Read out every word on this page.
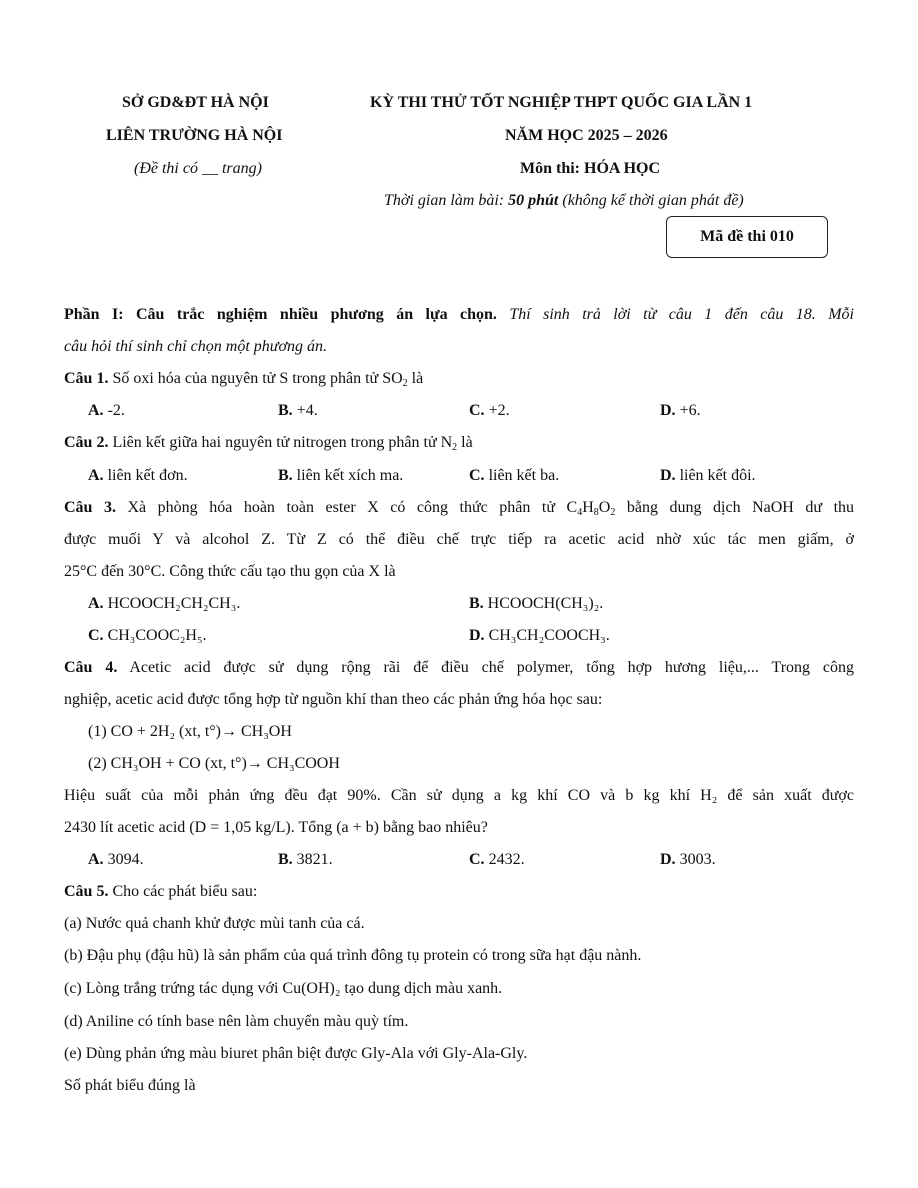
SỞ GD&ĐT HÀ NỘI
LIÊN TRƯỜNG HÀ NỘI
(Đề thi có __ trang)
KỲ THI THỬ TỐT NGHIỆP THPT QUỐC GIA LẦN 1
NĂM HỌC 2025 – 2026
Môn thi: HÓA HỌC
Thời gian làm bài: 50 phút (không kể thời gian phát đề)
Mã đề thi 010
Phần I: Câu trắc nghiệm nhiều phương án lựa chọn. Thí sinh trả lời từ câu 1 đến câu 18. Mỗi
câu hỏi thí sinh chỉ chọn một phương án.
Câu 1. Số oxi hóa của nguyên tử S trong phân tử $SO_2$ là
A. -2.	B. +4.	C. +2.	D. +6.
Câu 2. Liên kết giữa hai nguyên tử nitrogen trong phân tử $N_2$ là
A. liên kết đơn.	B. liên kết xích ma.	C. liên kết ba.	D. liên kết đôi.
Câu 3. Xà phòng hóa hoàn toàn ester X có công thức phân tử $C_4H_8O_2$ bằng dung dịch NaOH dư thu
được muối Y và alcohol Z. Từ Z có thể điều chế trực tiếp ra acetic acid nhờ xúc tác men giấm, ở
25°C đến 30°C. Công thức cấu tạo thu gọn của X là
A. HCOOCH₂CH₂CH₃.	B. HCOOCH(CH₃)₂.
C. CH₃COOC₂H₅.	D. CH₃CH₂COOCH₃.
Câu 4. Acetic acid được sử dụng rộng rãi để điều chế polymer, tổng hợp hương liệu,... Trong công
nghiệp, acetic acid được tổng hợp từ nguồn khí than theo các phản ứng hóa học sau:
(1) CO + 2H₂ (xt, t°)→ CH₃OH
(2) CH₃OH + CO (xt, t°)→ CH₃COOH
Hiệu suất của mỗi phản ứng đều đạt 90%. Cần sử dụng a kg khí CO và b kg khí H₂ để sản xuất được
2430 lít acetic acid (D = 1,05 kg/L). Tổng (a + b) bằng bao nhiêu?
A. 3094.	B. 3821.	C. 2432.	D. 3003.
Câu 5. Cho các phát biểu sau:
(a) Nước quả chanh khử được mùi tanh của cá.
(b) Đậu phụ (đậu hũ) là sản phẩm của quá trình đông tụ protein có trong sữa hạt đậu nành.
(c) Lòng trắng trứng tác dụng với Cu(OH)₂ tạo dung dịch màu xanh.
(d) Aniline có tính base nên làm chuyển màu quỳ tím.
(e) Dùng phản ứng màu biuret phân biệt được Gly-Ala với Gly-Ala-Gly.
Số phát biểu đúng là
